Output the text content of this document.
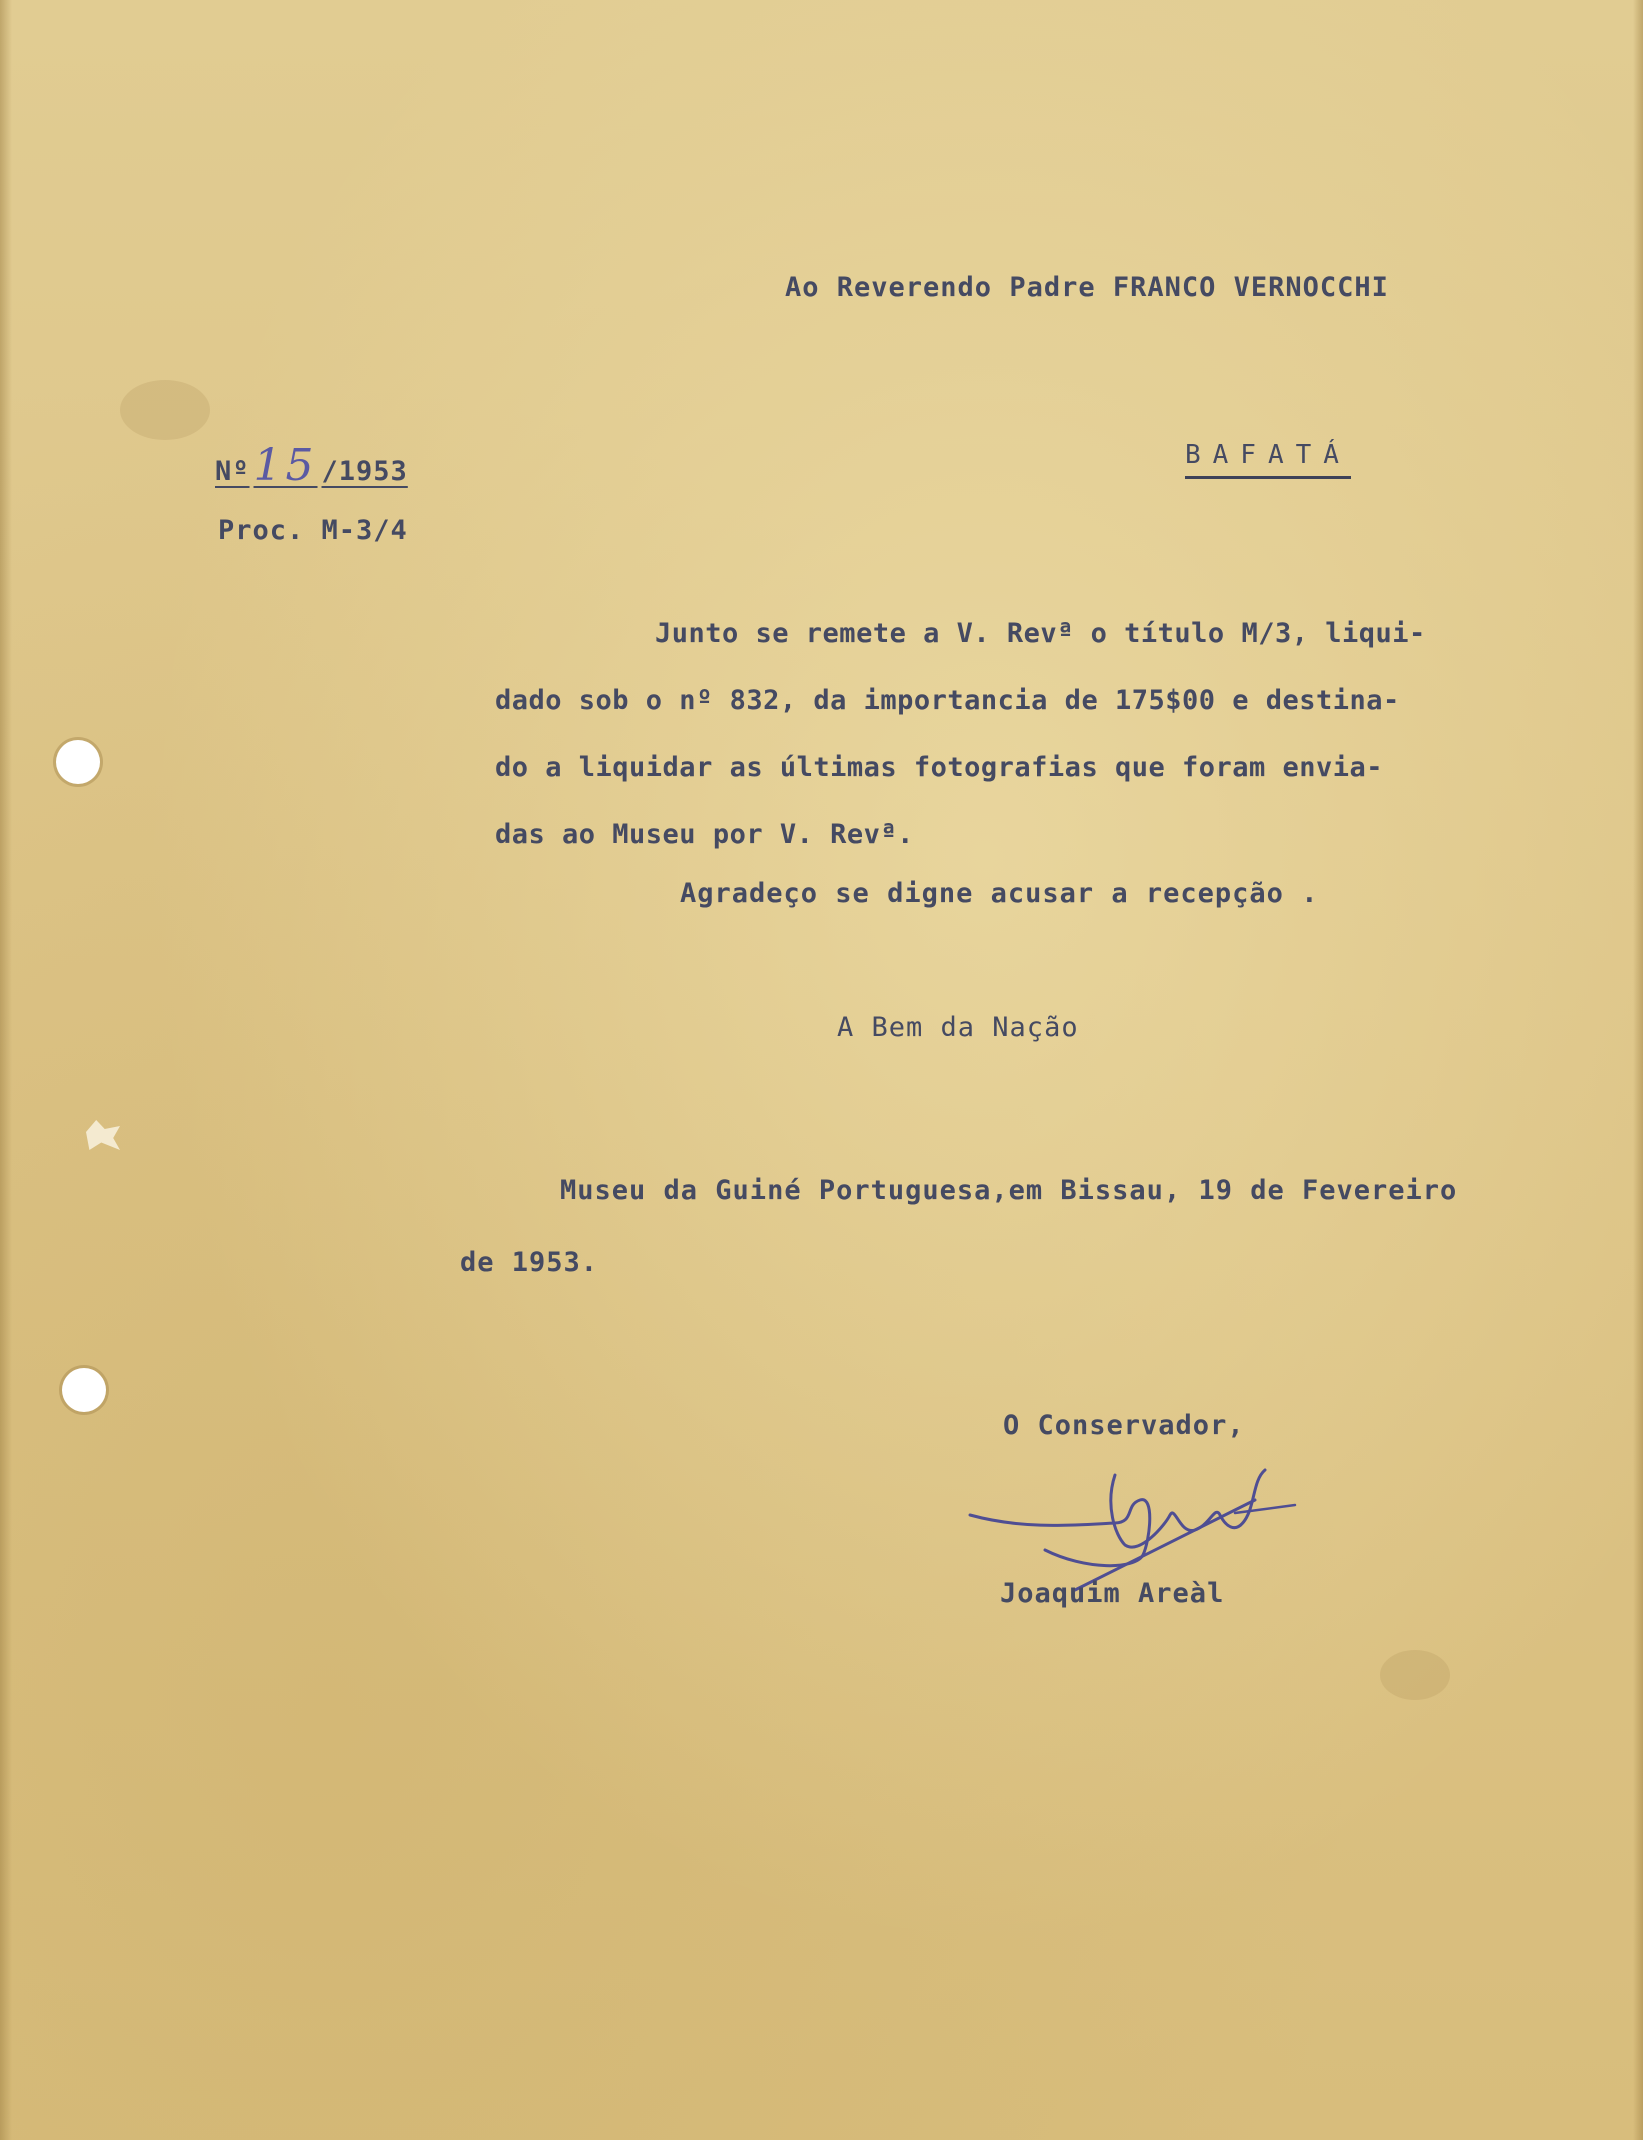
Ao Reverendo Padre FRANCO VERNOCCHI
Nº15 /1953
Proc. M-3/4
BAFATÁ
Junto se remete a V. Revª o título M/3, liqui-
dado sob o nº 832, da importancia de 175$00 e destina-
do a liquidar as últimas fotografias que foram envia-
das ao Museu por V. Revª.
Agradeço se digne acusar a recepção .
A Bem da Nação
Museu da Guiné Portuguesa,em Bissau, 19 de Fevereiro
de 1953.
O Conservador,
Joaquim Areàl
